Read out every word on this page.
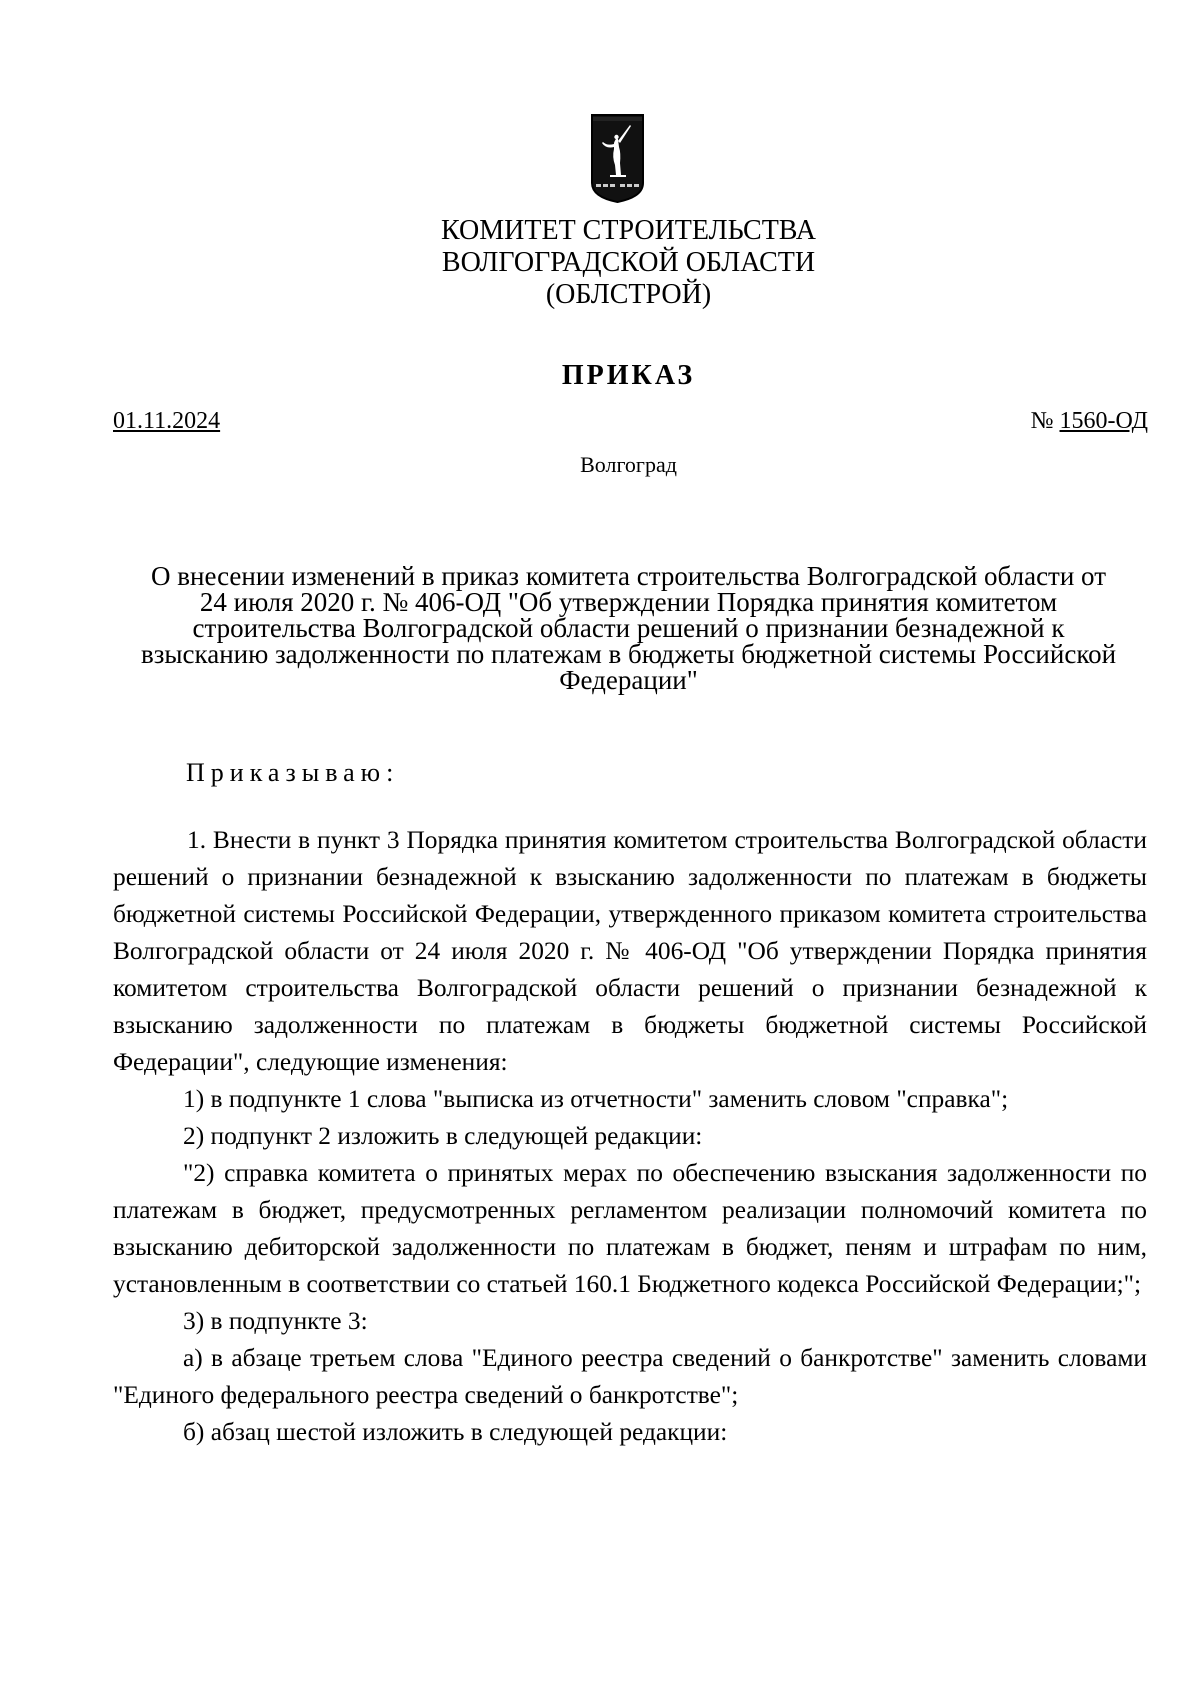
КОМИТЕТ СТРОИТЕЛЬСТВА
ВОЛГОГРАДСКОЙ ОБЛАСТИ
(ОБЛСТРОЙ)
ПРИКАЗ
01.11.2024	№ 1560-ОД
Волгоград
О внесении изменений в приказ комитета строительства Волгоградской области от
24 июля 2020 г. № 406-ОД "Об утверждении Порядка принятия комитетом
строительства Волгоградской области решений о признании безнадежной к
взысканию задолженности по платежам в бюджеты бюджетной системы Российской
Федерации"
Приказываю:

1. Внести в пункт 3 Порядка принятия комитетом строительства Волгоградской области решений о признании безнадежной к взысканию задолженности по платежам в бюджеты бюджетной системы Российской Федерации, утвержденного приказом комитета строительства Волгоградской области от 24 июля 2020 г. № 406-ОД "Об утверждении Порядка принятия комитетом строительства Волгоградской области решений о признании безнадежной к взысканию задолженности по платежам в бюджеты бюджетной системы Российской Федерации", следующие изменения:

1) в подпункте 1 слова "выписка из отчетности" заменить словом "справка";

2) подпункт 2 изложить в следующей редакции:

"2) справка комитета о принятых мерах по обеспечению взыскания задолженности по платежам в бюджет, предусмотренных регламентом реализации полномочий комитета по взысканию дебиторской задолженности по платежам в бюджет, пеням и штрафам по ним, установленным в соответствии со статьей 160.1 Бюджетного кодекса Российской Федерации;";

3) в подпункте 3:

а) в абзаце третьем слова "Единого реестра сведений о банкротстве" заменить словами "Единого федерального реестра сведений о банкротстве";

б) абзац шестой изложить в следующей редакции:
